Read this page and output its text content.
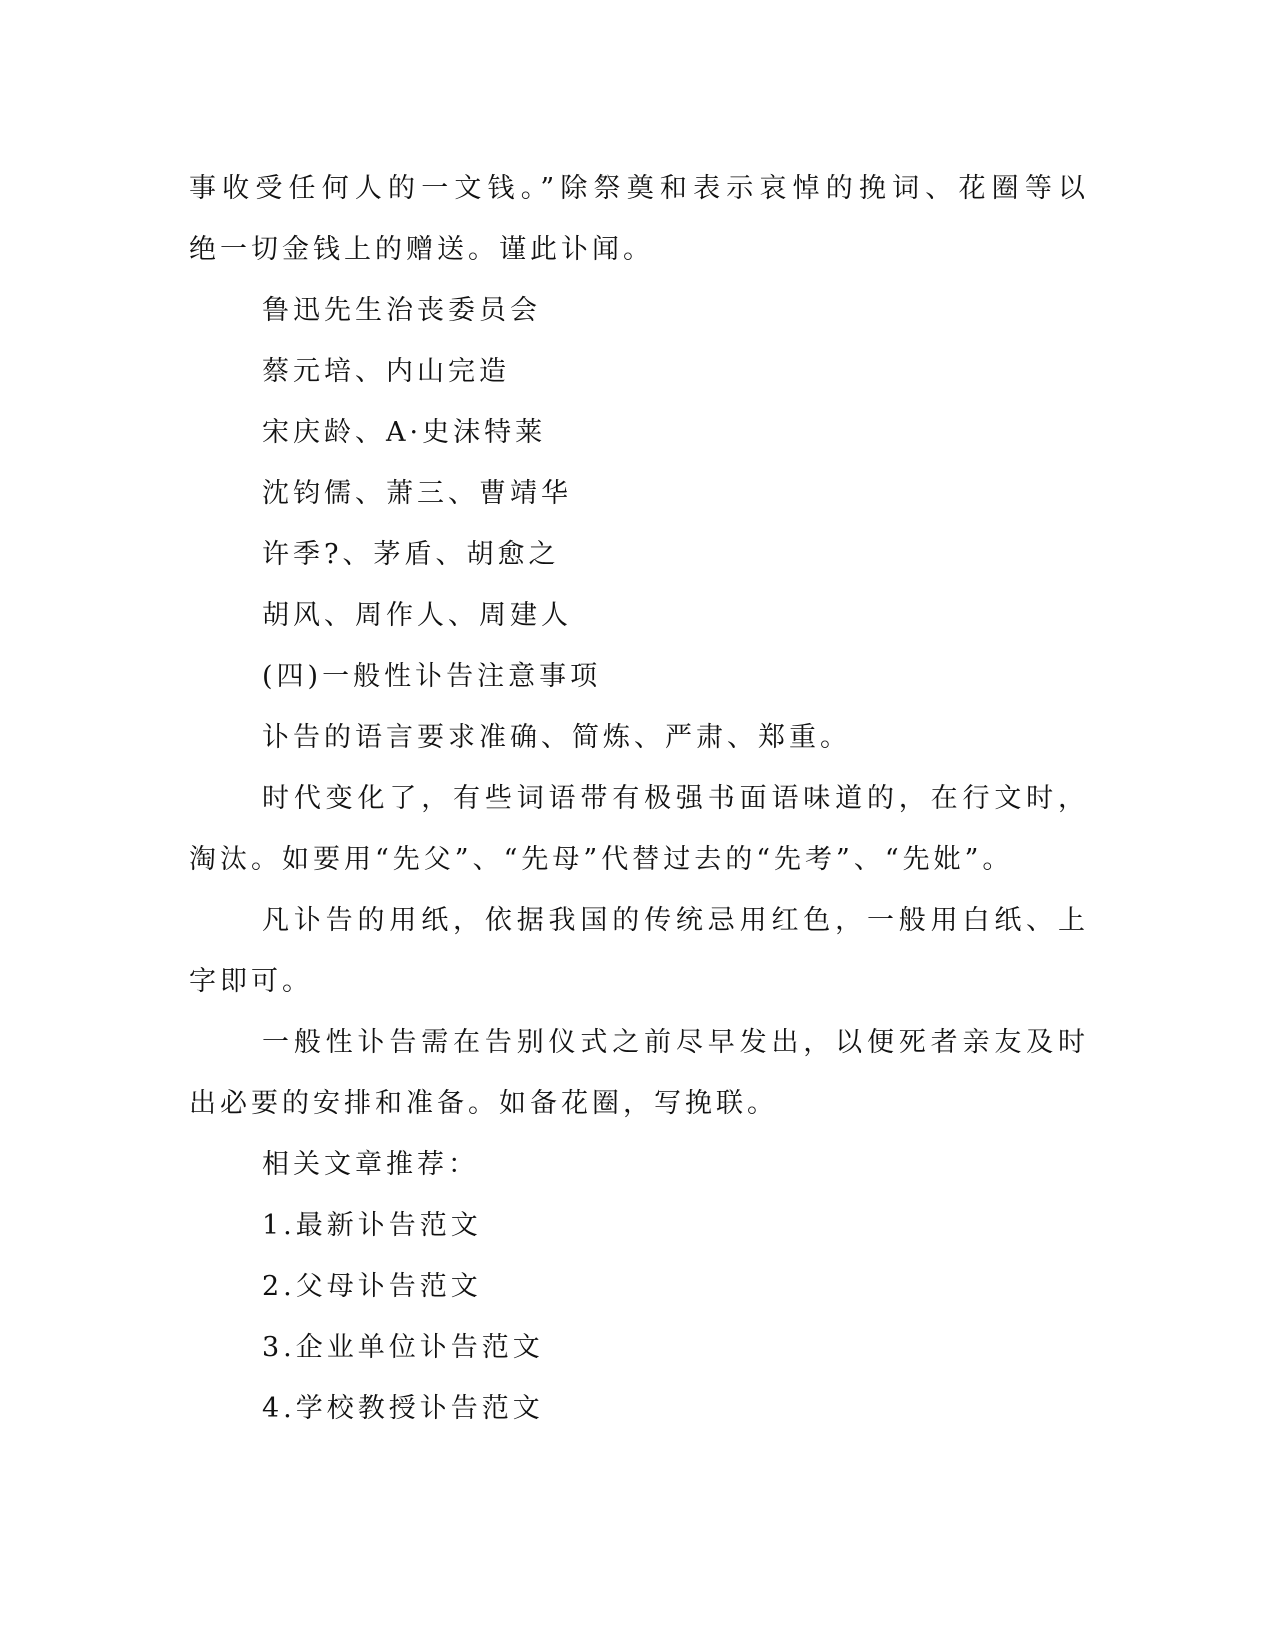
事收受任何人的一文钱。”除祭奠和表示哀悼的挽词、花圈等以
绝一切金钱上的赠送。谨此讣闻。
鲁迅先生治丧委员会
蔡元培、内山完造
宋庆龄、A·史沫特莱
沈钧儒、萧三、曹靖华
许季?、茅盾、胡愈之
胡风、周作人、周建人
(四)一般性讣告注意事项
讣告的语言要求准确、简炼、严肃、郑重。
时代变化了，有些词语带有极强书面语味道的，在行文时，
淘汰。如要用“先父”、“先母”代替过去的“先考”、“先妣”。
凡讣告的用纸，依据我国的传统忌用红色，一般用白纸、上
字即可。
一般性讣告需在告别仪式之前尽早发出，以便死者亲友及时
出必要的安排和准备。如备花圈，写挽联。
相关文章推荐：
1.最新讣告范文
2.父母讣告范文
3.企业单位讣告范文
4.学校教授讣告范文
